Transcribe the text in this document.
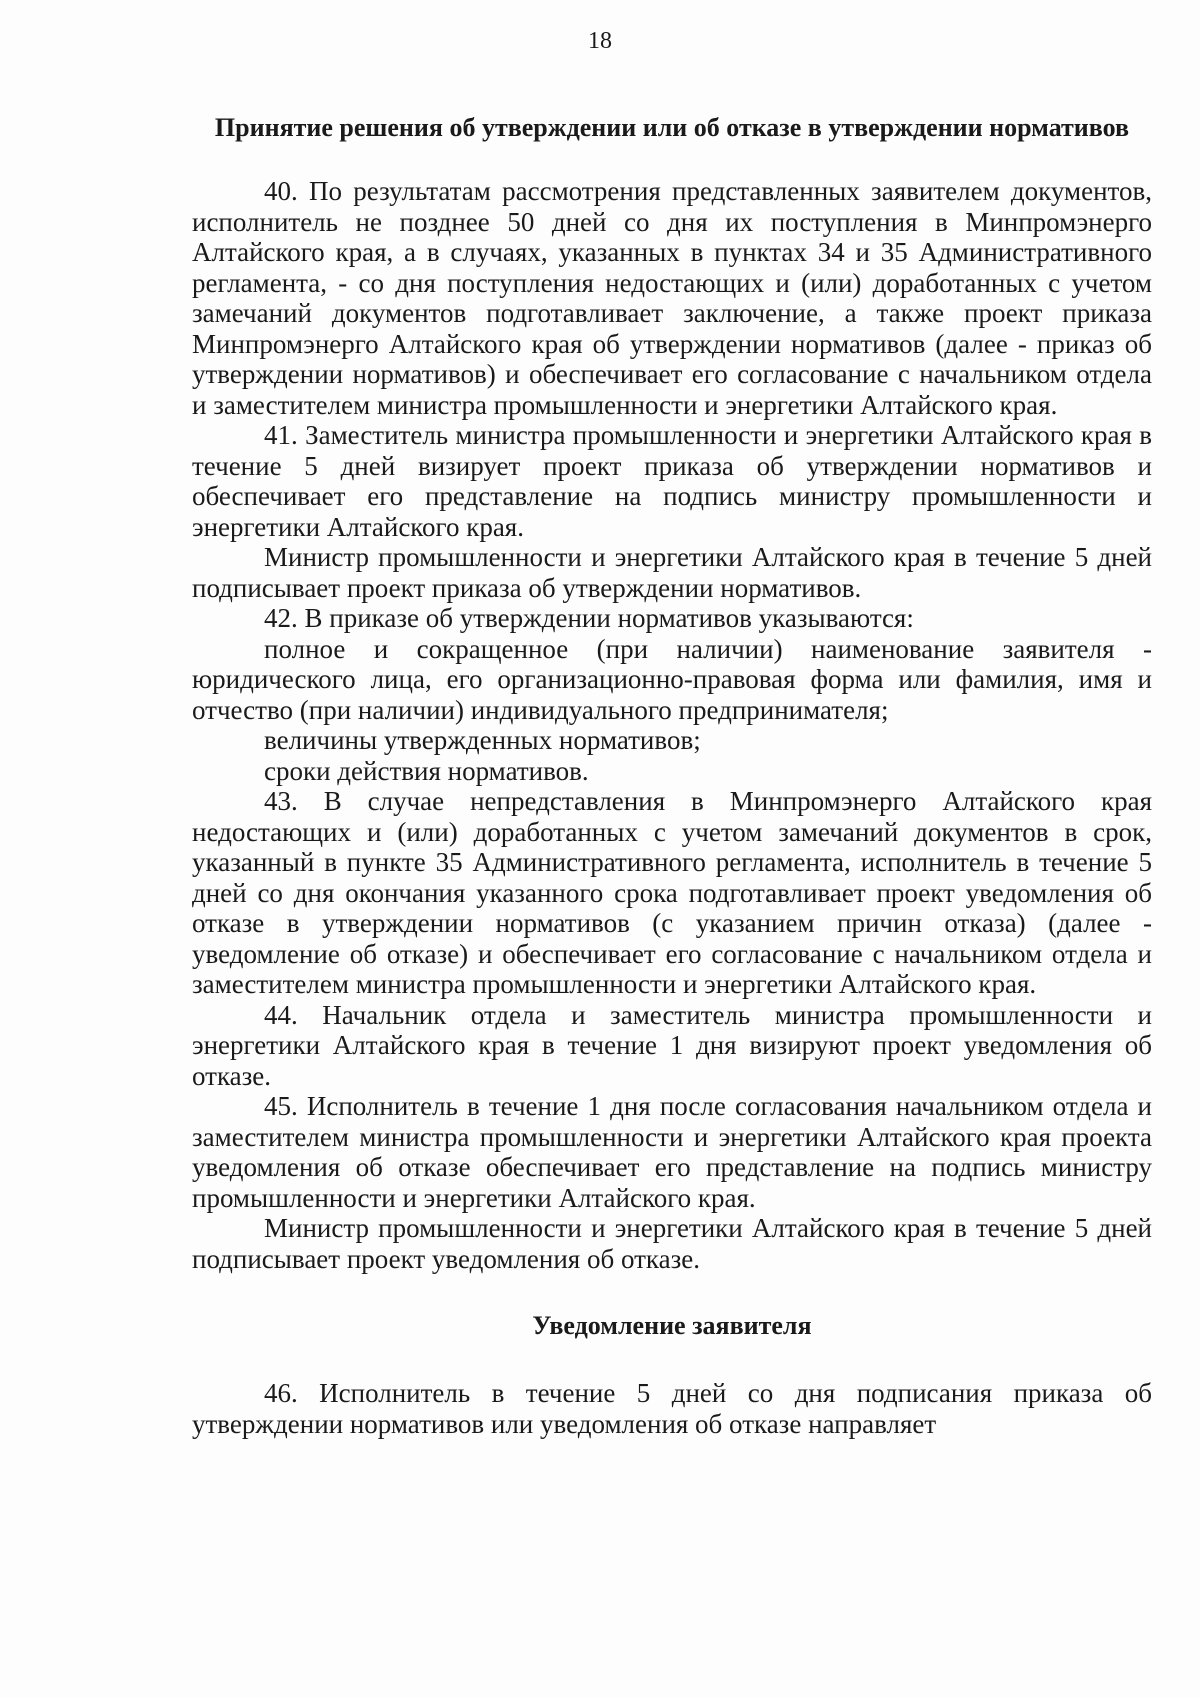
18
Принятие решения об утверждении или об отказе в утверждении нормативов

40. По результатам рассмотрения представленных заявителем документов, исполнитель не позднее 50 дней со дня их поступления в Минпромэнерго Алтайского края, а в случаях, указанных в пунктах 34 и 35 Административного регламента, - со дня поступления недостающих и (или) доработанных с учетом замечаний документов подготавливает заключение, а также проект приказа Минпромэнерго Алтайского края об утверждении нормативов (далее - приказ об утверждении нормативов) и обеспечивает его согласование с начальником отдела и заместителем министра промышленности и энергетики Алтайского края.

41. Заместитель министра промышленности и энергетики Алтайского края в течение 5 дней визирует проект приказа об утверждении нормативов и обеспечивает его представление на подпись министру промышленности и энергетики Алтайского края.

Министр промышленности и энергетики Алтайского края в течение 5 дней подписывает проект приказа об утверждении нормативов.

42. В приказе об утверждении нормативов указываются:

полное и сокращенное (при наличии) наименование заявителя - юридического лица, его организационно-правовая форма или фамилия, имя и отчество (при наличии) индивидуального предпринимателя;

величины утвержденных нормативов;

сроки действия нормативов.

43. В случае непредставления в Минпромэнерго Алтайского края недостающих и (или) доработанных с учетом замечаний документов в срок, указанный в пункте 35 Административного регламента, исполнитель в течение 5 дней со дня окончания указанного срока подготавливает проект уведомления об отказе в утверждении нормативов (с указанием причин отказа) (далее - уведомление об отказе) и обеспечивает его согласование с начальником отдела и заместителем министра промышленности и энергетики Алтайского края.

44. Начальник отдела и заместитель министра промышленности и энергетики Алтайского края в течение 1 дня визируют проект уведомления об отказе.

45. Исполнитель в течение 1 дня после согласования начальником отдела и заместителем министра промышленности и энергетики Алтайского края проекта уведомления об отказе обеспечивает его представление на подпись министру промышленности и энергетики Алтайского края.

Министр промышленности и энергетики Алтайского края в течение 5 дней подписывает проект уведомления об отказе.

Уведомление заявителя

46. Исполнитель в течение 5 дней со дня подписания приказа об утверждении нормативов или уведомления об отказе направляет
